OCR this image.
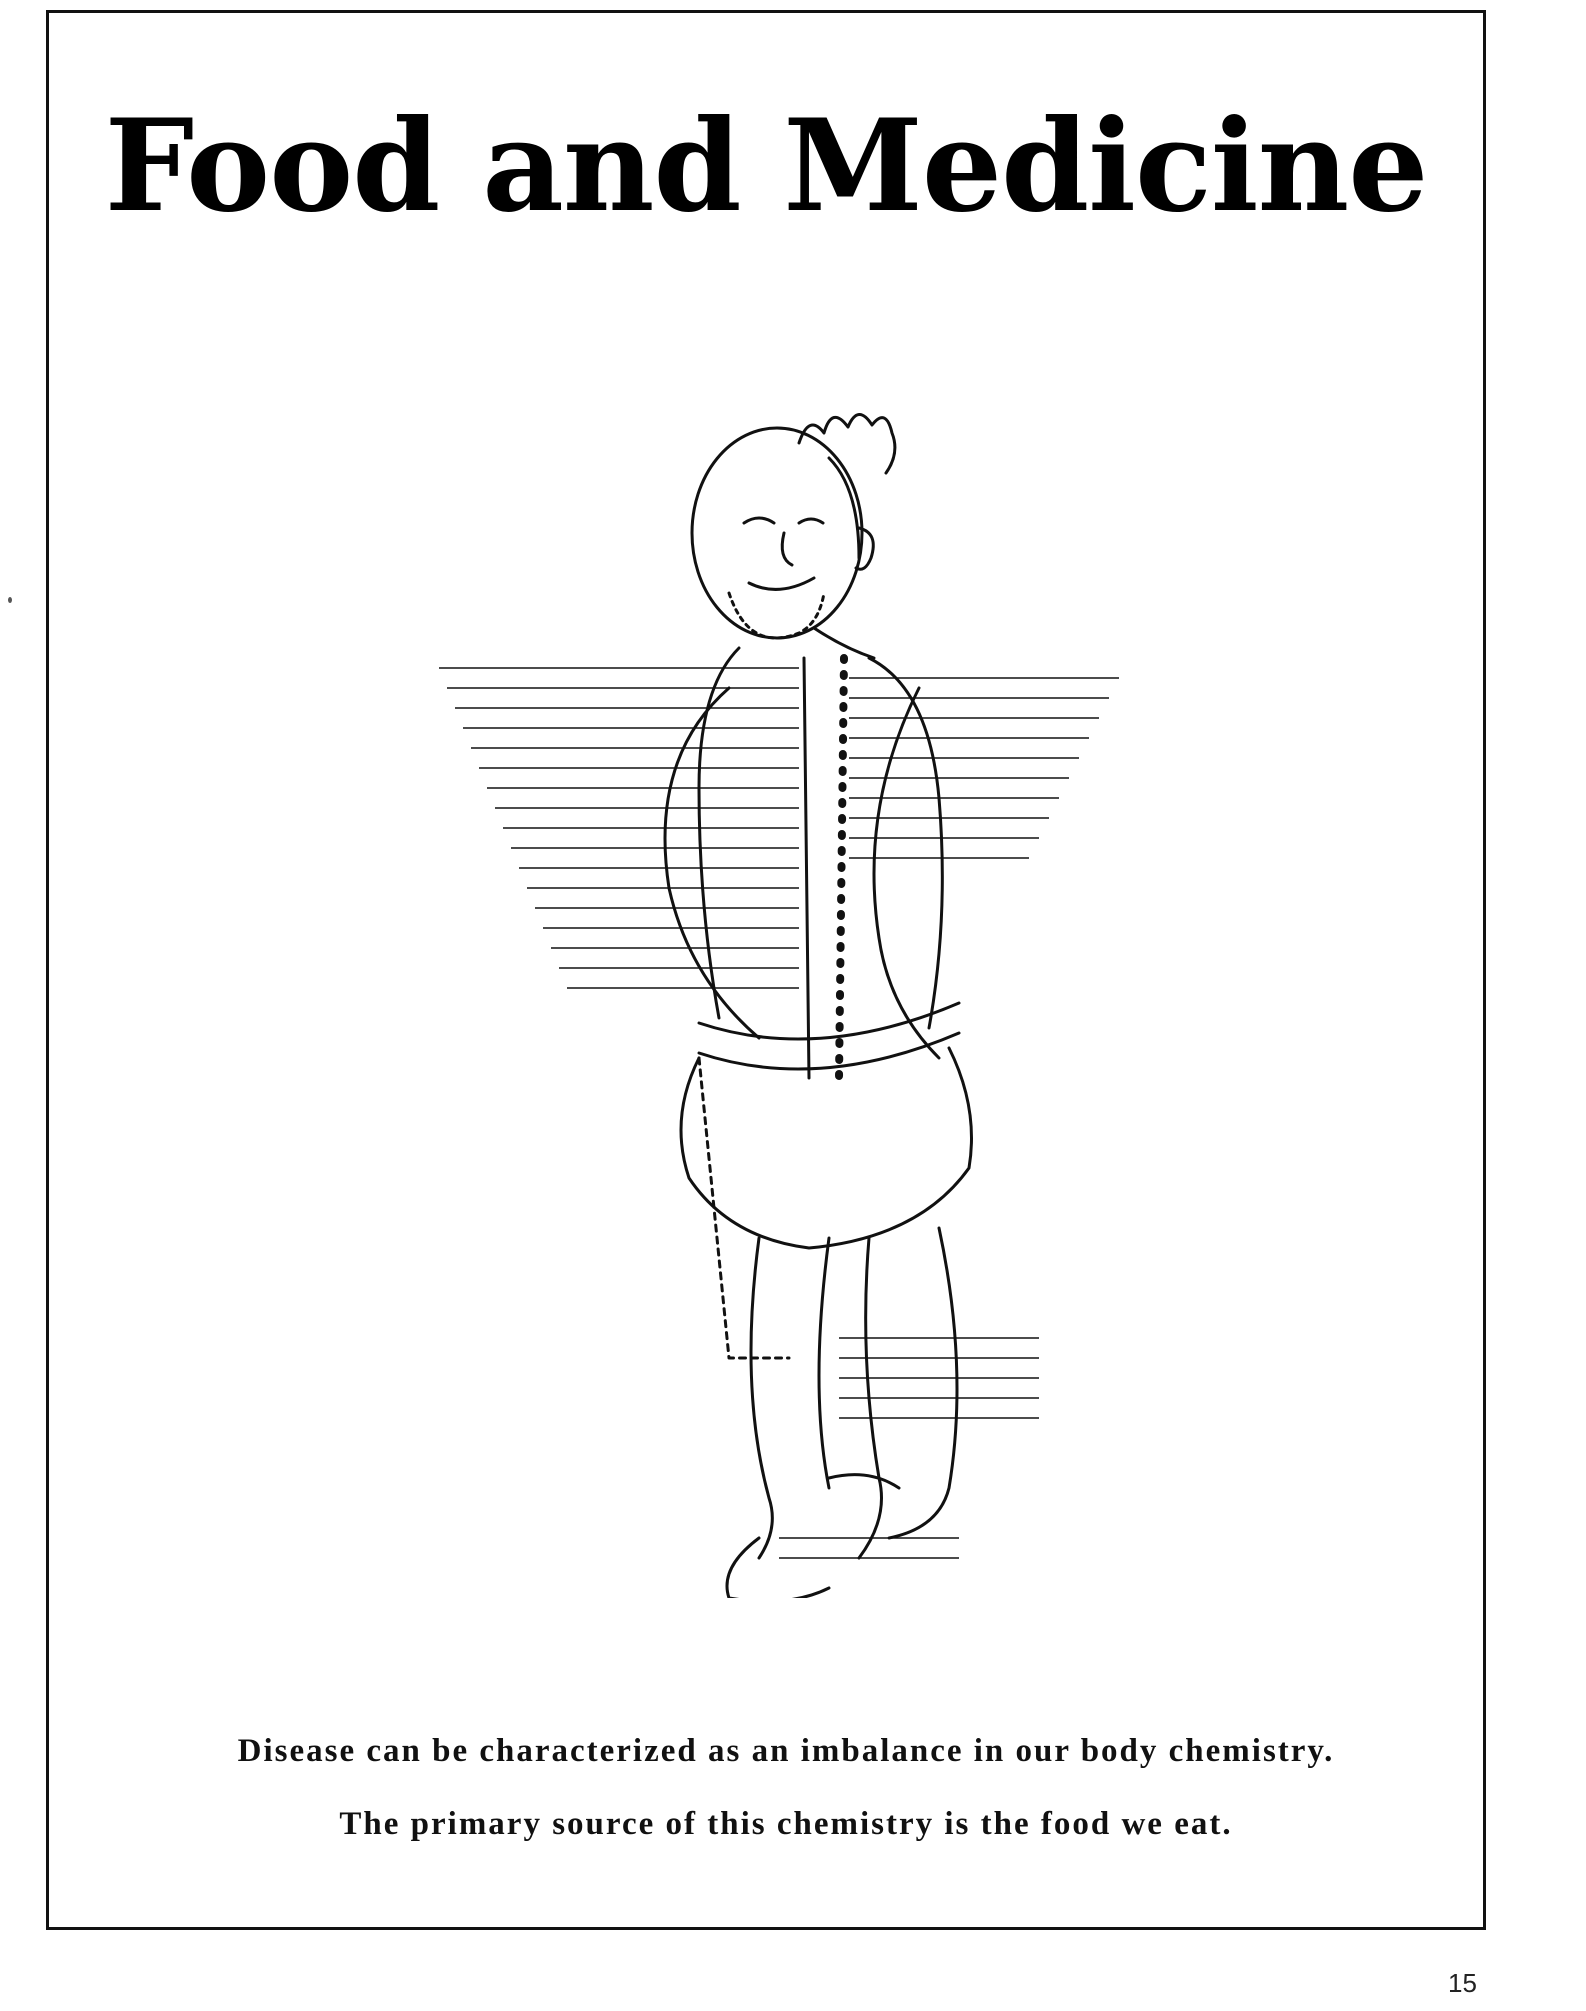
Food and Medicine
Disease can be characterized as an imbalance in our body chemistry.
The primary source of this chemistry is the food we eat.
15
